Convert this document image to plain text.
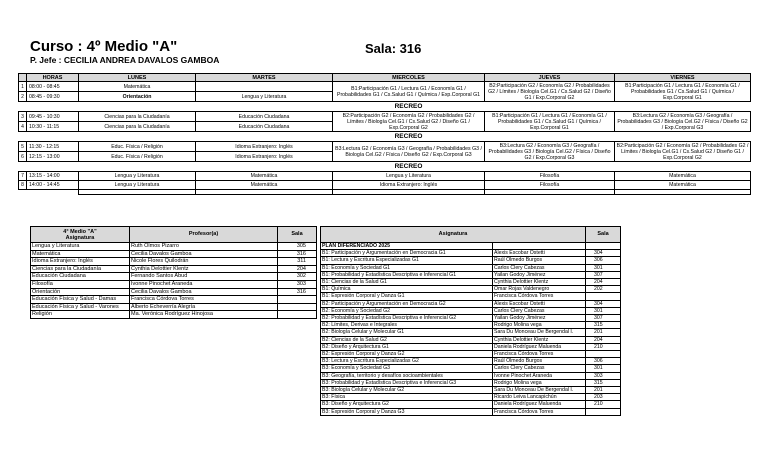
Curso : 4º Medio "A"	Sala: 316
P. Jefe : CECILIA ANDREA DAVALOS GAMBOA
	HORAS	LUNES	MARTES	MIERCOLES	JUEVES	VIERNES
1	08:00 - 08:45	Matemática		B1:Participación G1 / Lectura G1 / Economía G1 / Probabilidades G1 / Cs.Salud G1 / Química / Exp.Corporal G1	B2:Participación G2 / Economía G2 / Probabilidades G2 / Límites / Biología Cel.G1 / Cs.Salud G2 / Diseño G1 / Exp.Corporal G2	B1:Participación G1 / Lectura G1 / Economía G1 / Probabilidades G1 / Cs.Salud G1 / Química / Exp.Corporal G1
2	08:45 - 09:30	Orientación	Lengua y Literatura			
				RECREO		
3	09:45 - 10:30	Ciencias para la Ciudadanía	Educación Ciudadana	B2:Participación G2 / Economía G2 / Probabilidades G2 / Límites / Biología Cel.G1 / Cs.Salud G2 / Diseño G1 / Exp.Corporal G2	B1:Participación G1 / Lectura G1 / Economía G1 / Probabilidades G1 / Cs.Salud G1 / Química / Exp.Corporal G1	B3:Lectura G2 / Economía G3 / Geografía / Probabilidades G3 / Biología Cel.G2 / Física / Diseño G2 / Exp.Corporal G3
4	10:30 - 11:15	Ciencias para la Ciudadanía	Educación Ciudadana			
				RECREO		
5	11:30 - 12:15	Educ. Física / Religión	Idioma Extranjero: Inglés	B3:Lectura G2 / Economía G3 / Geografía / Probabilidades G3 / Biología Cel.G2 / Física / Diseño G2 / Exp.Corporal G3	B3:Lectura G2 / Economía G3 / Geografía / Probabilidades G3 / Biología Cel.G2 / Física / Diseño G2 / Exp.Corporal G3	B2:Participación G2 / Economía G2 / Probabilidades G2 / Límites / Biología Cel.G1 / Cs.Salud G2 / Diseño G1 / Exp.Corporal G2
6	12:15 - 13:00	Educ. Física / Religión	Idioma Extranjero: Inglés			
				RECREO		
7	13:15 - 14:00	Lengua y Literatura	Matemática	Lengua y Literatura	Filosofía	Matemática
8	14:00 - 14:45	Lengua y Literatura	Matemática	Idioma Extranjero: Inglés	Filosofía	Matemática

4° Medio "A"
Asignatura	Profesor(a)	Sala
Lengua y Literatura	Ruth Olmos Pizarro	305
Matemática	Cecilia Davalos Gamboa	316
Idioma Extranjero: Inglés	Nicole Flores Quilodrán	311
Ciencias para la Ciudadanía	Cynthia Delottier Klentz	204
Educación Ciudadana	Fernando Santos Abud	302
Filosofía	Ivonne Pinochet Araneda	303
Orientación	Cecilia Davalos Gamboa	316
Educación Física y Salud - Damas	Francisca Córdova Torres	
Educación Física y Salud - Varones	Alberto Echeverría Alegría	
Religión	Ma. Verónica Rodríguez Hinojosa	
Asignatura		Sala
PLAN DIFERENCIADO 2025		
B1: Participación y Argumentación en Democracia G1	Alexis Escobar Ostetti	304
B1: Lectura y Escritura Especializadas G1	Raúl Olmedo Burgos	306
B1: Economía y Sociedad G1	Carlos Clery Cabezas	301
B1: Probabilidad y Estadística Descriptiva e Inferencial G1	Yailan Godoy Jiménez	307
B1: Ciencias de la Salud G1	Cynthia Delottier Klentz	204
B1: Química	Omar Rojas Valdenegro	202
B1: Expresión Corporal y Danza G1	Francisca Córdova Torres	
B2: Participación y Argumentación en Democracia G2	Alexis Escobar Ostetti	304
B2: Economía y Sociedad G2	Carlos Clery Cabezas	301
B2: Probabilidad y Estadística Descriptiva e Inferencial G2	Yailan Godoy Jiménez	307
B2: Límites, Derivas e Integrales	Rodrigo Molina vega	315
B2: Biología Celular y Molecular G1	Sara Du Monceau De Bergendal I.	201
B2: Ciencias de la Salud G2	Cynthia Delottier Klentz	204
B2: Diseño y Arquitectura G1	Daniela Rodríguez Maluenda	210
B2: Expresión Corporal y Danza G2	Francisca Córdova Torres	
B3: Lectura y Escritura Especializadas G2	Raúl Olmedo Burgos	306
B3: Economía y Sociedad G3	Carlos Clery Cabezas	301
B3: Geografía, territorio y desafíos socioambientales	Ivonne Pinochet Araneda	303
B3: Probabilidad y Estadística Descriptiva e Inferencial G3	Rodrigo Molina vega	315
B3: Biología Celular y Molecular G2	Sara Du Monceau De Bergendal I.	201
B3: Física	Ricardo Leiva Lancapichún	203
B3: Diseño y Arquitectura G2	Daniela Rodríguez Maluenda	210
B3: Expresión Corporal y Danza G3	Francisca Córdova Torres	
